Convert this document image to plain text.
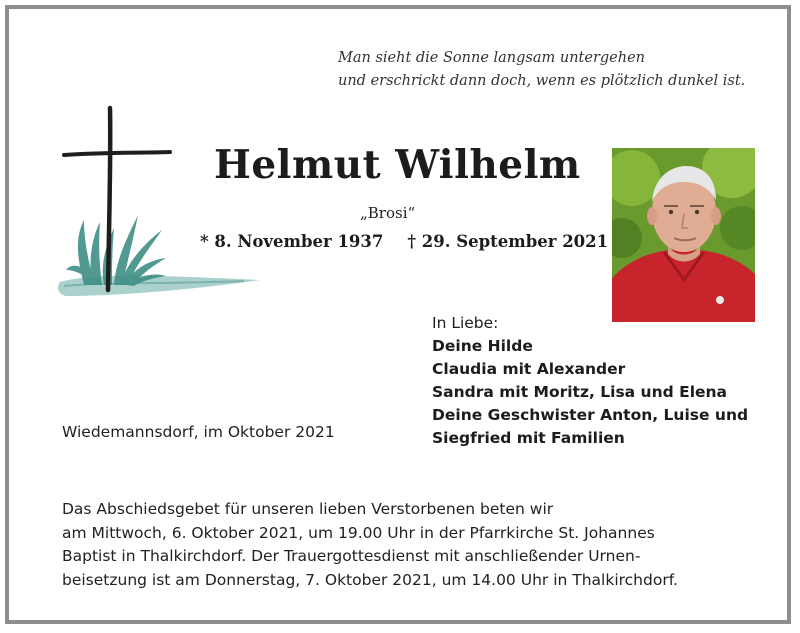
Man sieht die Sonne langsam untergehen
und erschrickt dann doch, wenn es plötzlich dunkel ist.
Helmut Wilhelm
„Brosi“
* 8. November 1937 † 29. September 2021
In Liebe:
Deine Hilde
Claudia mit Alexander
Sandra mit Moritz, Lisa und Elena
Deine Geschwister Anton, Luise und
Siegfried mit Familien
Wiedemannsdorf, im Oktober 2021
Das Abschiedsgebet für unseren lieben Verstorbenen beten wir
am Mittwoch, 6. Oktober 2021, um 19.00 Uhr in der Pfarrkirche St. Johannes
Baptist in Thalkirchdorf. Der Trauergottesdienst mit anschließender Urnen-
beisetzung ist am Donnerstag, 7. Oktober 2021, um 14.00 Uhr in Thalkirchdorf.
